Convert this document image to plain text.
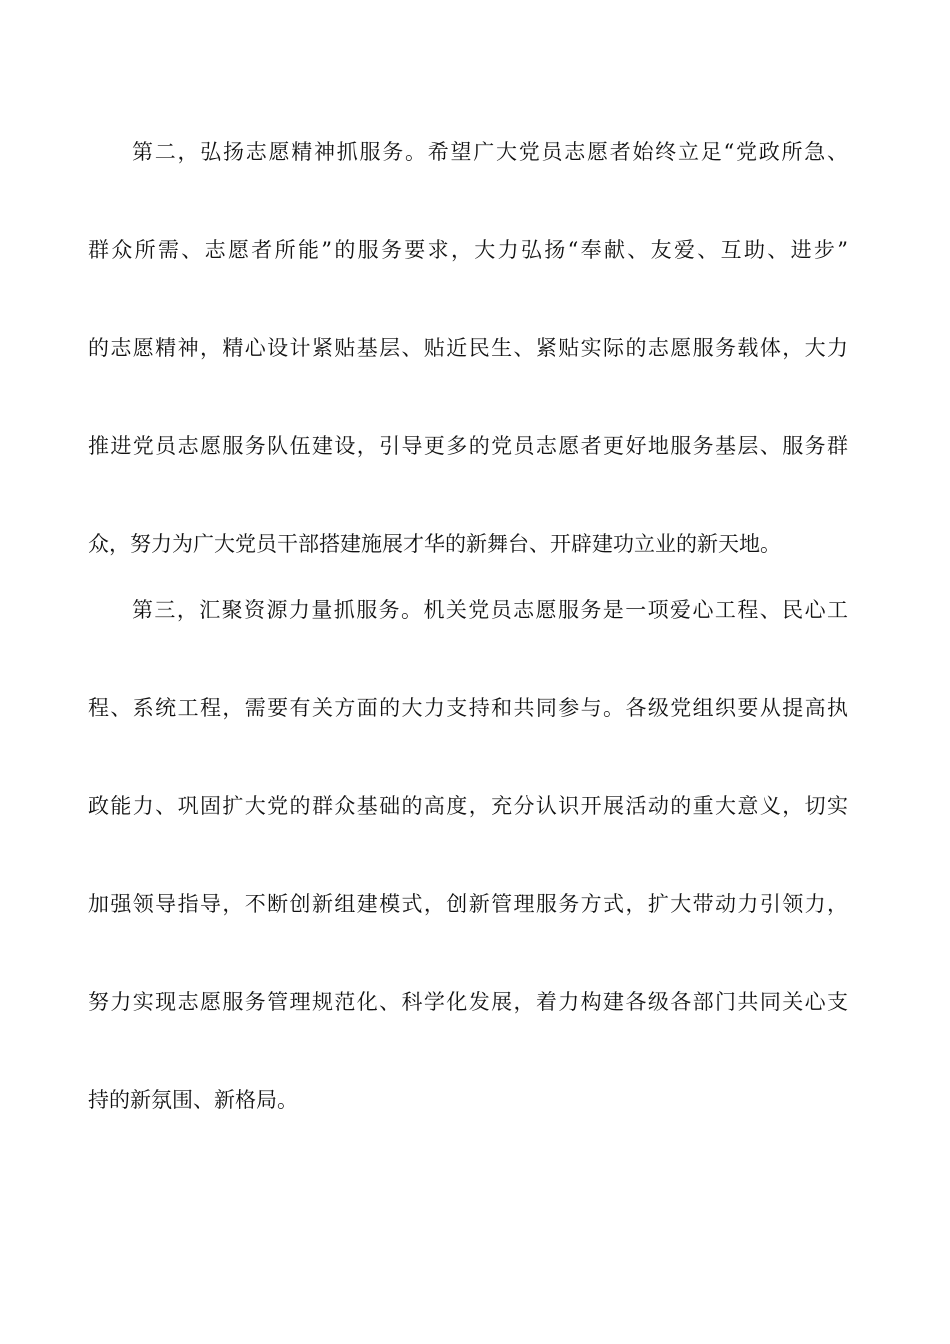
第二，弘扬志愿精神抓服务。希望广大党员志愿者始终立足“党政所急、
群众所需、志愿者所能”的服务要求，大力弘扬“奉献、友爱、互助、进步”
的志愿精神，精心设计紧贴基层、贴近民生、紧贴实际的志愿服务载体，大力
推进党员志愿服务队伍建设，引导更多的党员志愿者更好地服务基层、服务群
众，努力为广大党员干部搭建施展才华的新舞台、开辟建功立业的新天地。
第三，汇聚资源力量抓服务。机关党员志愿服务是一项爱心工程、民心工
程、系统工程，需要有关方面的大力支持和共同参与。各级党组织要从提高执
政能力、巩固扩大党的群众基础的高度，充分认识开展活动的重大意义，切实
加强领导指导，不断创新组建模式，创新管理服务方式，扩大带动力引领力，
努力实现志愿服务管理规范化、科学化发展，着力构建各级各部门共同关心支
持的新氛围、新格局。
